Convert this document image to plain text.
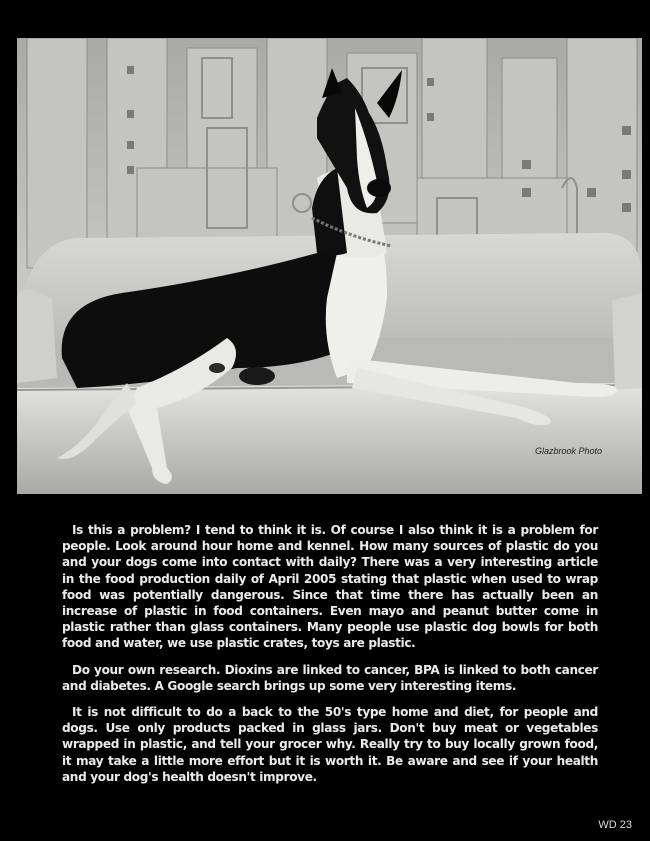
Glazbrook Photo

Is this a problem? I tend to think it is. Of course I also think it is a problem for people. Look around hour home and kennel. How many sources of plastic do you and your dogs come into contact with daily? There was a very interesting article in the food production daily of April 2005 stating that plastic when used to wrap food was potentially dangerous. Since that time there has actually been an increase of plastic in food containers. Even mayo and peanut butter come in plastic rather than glass containers. Many people use plastic dog bowls for both food and water, we use plastic crates, toys are plastic.

Do your own research. Dioxins are linked to cancer, BPA is linked to both cancer and diabetes. A Google search brings up some very interesting items.

It is not difficult to do a back to the 50's type home and diet, for people and dogs. Use only products packed in glass jars. Don't buy meat or vegetables wrapped in plastic, and tell your grocer why. Really try to buy locally grown food, it may take a little more effort but it is worth it. Be aware and see if your health and your dog's health doesn't improve.

WD 23
